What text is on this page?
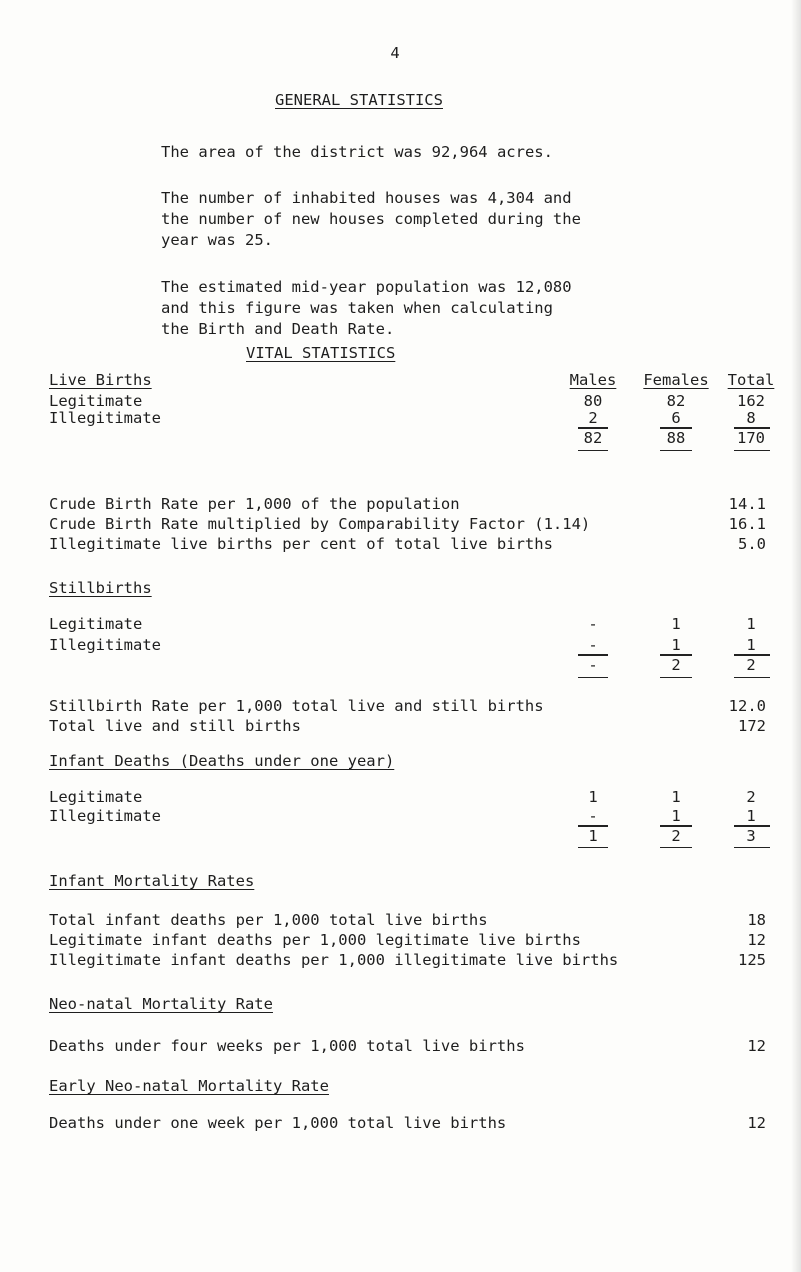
4
GENERAL STATISTICS
The area of the district was 92,964 acres.
The number of inhabited houses was 4,304 and
the number of new houses completed during the
year was 25.
The estimated mid-year population was 12,080
and this figure was taken when calculating
the Birth and Death Rate.
VITAL STATISTICS
Live Births	Males	Females	Total
Legitimate	80	82	162
Illegitimate	2	6	8
82	88	170
Crude Birth Rate per 1,000 of the population	14.1
Crude Birth Rate multiplied by Comparability Factor (1.14)	16.1
Illegitimate live births per cent of total live births	5.0
Stillbirths
Legitimate	-	1	1
Illegitimate	-	1	1
-	2	2
Stillbirth Rate per 1,000 total live and still births	12.0
Total live and still births	172
Infant Deaths (Deaths under one year)
Legitimate	1	1	2
Illegitimate	-	1	1
1	2	3
Infant Mortality Rates
Total infant deaths per 1,000 total live births	18
Legitimate infant deaths per 1,000 legitimate live births	12
Illegitimate infant deaths per 1,000 illegitimate live births	125
Neo-natal Mortality Rate
Deaths under four weeks per 1,000 total live births	12
Early Neo-natal Mortality Rate
Deaths under one week per 1,000 total live births	12
